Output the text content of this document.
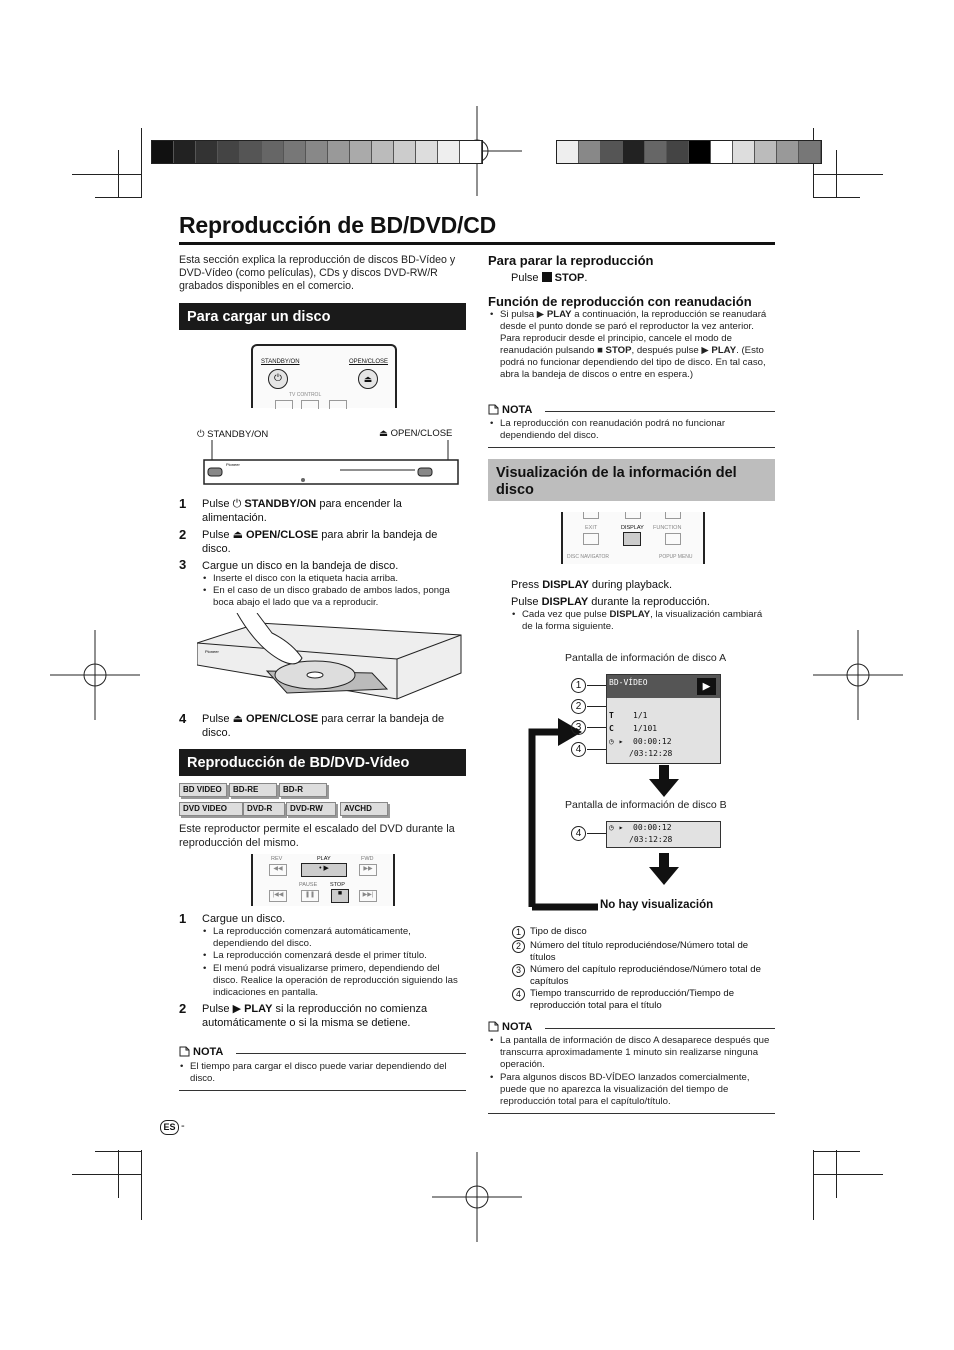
Reproducción de BD/DVD/CD
Esta sección explica la reproducción de discos BD-Vídeo y DVD-Vídeo (como películas), CDs y discos DVD-RW/R grabados disponibles en el comercio.
Para cargar un disco
STANDBY/ON	OPEN/CLOSE
⏻	⏏
TV CONTROL
⏻ STANDBY/ON	⏏ OPEN/CLOSE
Pioneer
1 Pulse ⏻ STANDBY/ON para encender la alimentación.
2 Pulse ⏏ OPEN/CLOSE para abrir la bandeja de disco.
3 Cargue un disco en la bandeja de disco.
• Inserte el disco con la etiqueta hacia arriba.
• En el caso de un disco grabado de ambos lados, ponga boca abajo el lado que va a reproducir.
Pioneer
4 Pulse ⏏ OPEN/CLOSE para cerrar la bandeja de disco.
Reproducción de BD/DVD-Vídeo
BD VIDEO	BD-RE	BD-R
DVD VIDEO	DVD-R	DVD-RW	AVCHD
Este reproductor permite el escalado del DVD durante la reproducción del mismo.
REV	PLAY	FWD
◀◀	• ▶	▶▶
PAUSE STOP
|◀◀	❚❚	■	▶▶|
1 Cargue un disco.
• La reproducción comenzará automáticamente, dependiendo del disco.
• La reproducción comenzará desde el primer título.
• El menú podrá visualizarse primero, dependiendo del disco. Realice la operación de reproducción siguiendo las indicaciones en pantalla.
2 Pulse ▶ PLAY si la reproducción no comienza automáticamente o si la misma se detiene.
NOTA
• El tiempo para cargar el disco puede variar dependiendo del disco.
ES -
Para parar la reproducción
Pulse  STOP.
Función de reproducción con reanudación
• Si pulsa ▶ PLAY a continuación, la reproducción se reanudará desde el punto donde se paró el reproductor la vez anterior. Para reproducir desde el principio, cancele el modo de reanudación pulsando ■ STOP, después pulse ▶ PLAY. (Esto podrá no funcionar dependiendo del tipo de disco. En tal caso, abra la bandeja de discos o entre en espera.)
NOTA
• La reproducción con reanudación podrá no funcionar dependiendo del disco.
Visualización de la información del disco
EXIT	DISPLAY FUNCTION
DISC NAVIGATOR	POPUP MENU
Press DISPLAY during playback.
Pulse DISPLAY durante la reproducción.
• Cada vez que pulse DISPLAY, la visualización cambiará de la forma siguiente.
Pantalla de información de disco A
1
2
3
4
BD-VÍDEO	▶
T 1/1
C 1/101
◷ ▸ 00:00:12
/03:12:28
Pantalla de información de disco B
4
◷ ▸ 00:00:12
/03:12:28
No hay visualización
1 Tipo de disco
2 Número del título reproduciéndose/Número total de títulos
3 Número del capítulo reproduciéndose/Número total de capítulos
4 Tiempo transcurrido de reproducción/Tiempo de reproducción total para el título
NOTA
• La pantalla de información de disco A desaparece después que transcurra aproximadamente 1 minuto sin realizarse ninguna operación.
• Para algunos discos BD-VÍDEO lanzados comercialmente, puede que no aparezca la visualización del tiempo de reproducción total para el capítulo/título.
